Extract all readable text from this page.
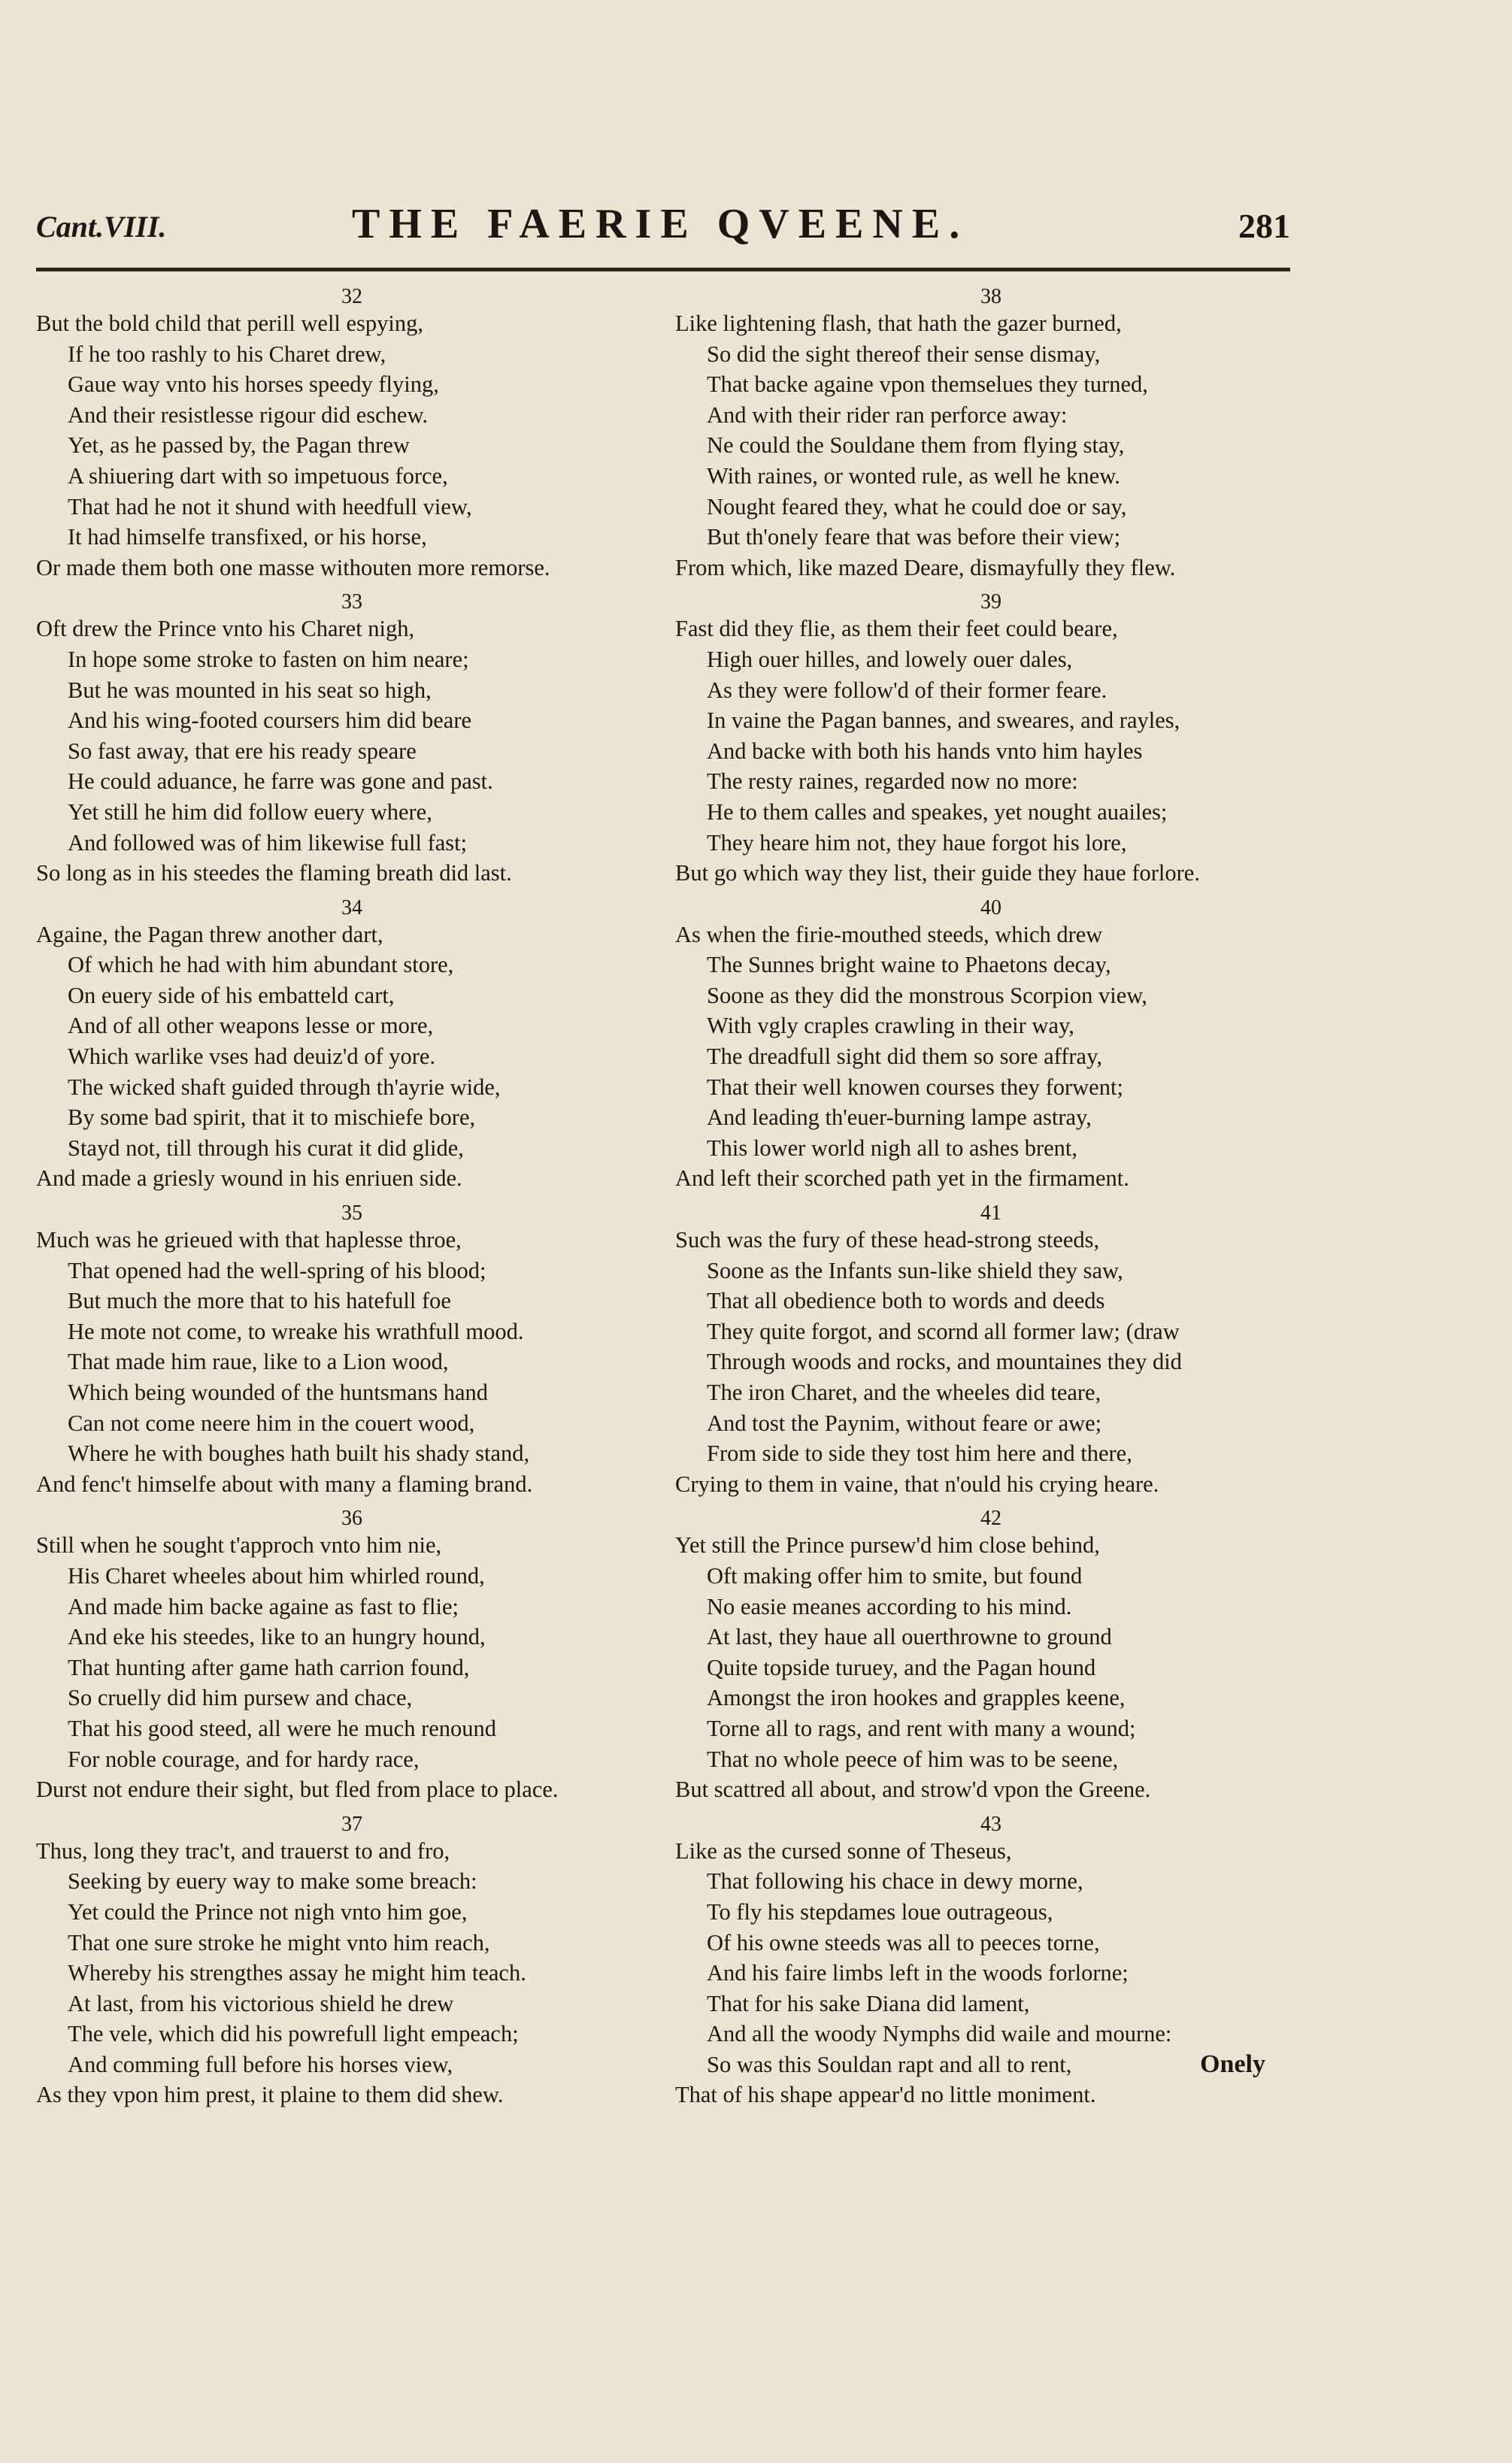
Cant.VIII.	THE FAERIE QVEENE.	281
32
But the bold child that perill well espying,
If he too rashly to his Charet drew,
Gaue way vnto his horses speedy flying,
And their resistlesse rigour did eschew.
Yet, as he passed by, the Pagan threw
A shiuering dart with so impetuous force,
That had he not it shund with heedfull view,
It had himselfe transfixed, or his horse,
Or made them both one masse withouten more remorse.
33
Oft drew the Prince vnto his Charet nigh,
In hope some stroke to fasten on him neare;
But he was mounted in his seat so high,
And his wing-footed coursers him did beare
So fast away, that ere his ready speare
He could aduance, he farre was gone and past.
Yet still he him did follow euery where,
And followed was of him likewise full fast;
So long as in his steedes the flaming breath did last.
34
Againe, the Pagan threw another dart,
Of which he had with him abundant store,
On euery side of his embatteld cart,
And of all other weapons lesse or more,
Which warlike vses had deuiz'd of yore.
The wicked shaft guided through th'ayrie wide,
By some bad spirit, that it to mischiefe bore,
Stayd not, till through his curat it did glide,
And made a griesly wound in his enriuen side.
35
Much was he grieued with that haplesse throe,
That opened had the well-spring of his blood;
But much the more that to his hatefull foe
He mote not come, to wreake his wrathfull mood.
That made him raue, like to a Lion wood,
Which being wounded of the huntsmans hand
Can not come neere him in the couert wood,
Where he with boughes hath built his shady stand,
And fenc't himselfe about with many a flaming brand.
36
Still when he sought t'approch vnto him nie,
His Charet wheeles about him whirled round,
And made him backe againe as fast to flie;
And eke his steedes, like to an hungry hound,
That hunting after game hath carrion found,
So cruelly did him pursew and chace,
That his good steed, all were he much renound
For noble courage, and for hardy race,
Durst not endure their sight, but fled from place to place.
37
Thus, long they trac't, and trauerst to and fro,
Seeking by euery way to make some breach:
Yet could the Prince not nigh vnto him goe,
That one sure stroke he might vnto him reach,
Whereby his strengthes assay he might him teach.
At last, from his victorious shield he drew
The vele, which did his powrefull light empeach;
And comming full before his horses view,
As they vpon him prest, it plaine to them did shew.
38
Like lightening flash, that hath the gazer burned,
So did the sight thereof their sense dismay,
That backe againe vpon themselues they turned,
And with their rider ran perforce away:
Ne could the Souldane them from flying stay,
With raines, or wonted rule, as well he knew.
Nought feared they, what he could doe or say,
But th'onely feare that was before their view;
From which, like mazed Deare, dismayfully they flew.
39
Fast did they flie, as them their feet could beare,
High ouer hilles, and lowely ouer dales,
As they were follow'd of their former feare.
In vaine the Pagan bannes, and sweares, and rayles,
And backe with both his hands vnto him hayles
The resty raines, regarded now no more:
He to them calles and speakes, yet nought auailes;
They heare him not, they haue forgot his lore,
But go which way they list, their guide they haue forlore.
40
As when the firie-mouthed steeds, which drew
The Sunnes bright waine to Phaetons decay,
Soone as they did the monstrous Scorpion view,
With vgly craples crawling in their way,
The dreadfull sight did them so sore affray,
That their well knowen courses they forwent;
And leading th'euer-burning lampe astray,
This lower world nigh all to ashes brent,
And left their scorched path yet in the firmament.
41
Such was the fury of these head-strong steeds,
Soone as the Infants sun-like shield they saw,
That all obedience both to words and deeds
They quite forgot, and scornd all former law; (draw
Through woods and rocks, and mountaines they did
The iron Charet, and the wheeles did teare,
And tost the Paynim, without feare or awe;
From side to side they tost him here and there,
Crying to them in vaine, that n'ould his crying heare.
42
Yet still the Prince pursew'd him close behind,
Oft making offer him to smite, but found
No easie meanes according to his mind.
At last, they haue all ouerthrowne to ground
Quite topside turuey, and the Pagan hound
Amongst the iron hookes and grapples keene,
Torne all to rags, and rent with many a wound;
That no whole peece of him was to be seene,
But scattred all about, and strow'd vpon the Greene.
43
Like as the cursed sonne of Theseus,
That following his chace in dewy morne,
To fly his stepdames loue outrageous,
Of his owne steeds was all to peeces torne,
And his faire limbs left in the woods forlorne;
That for his sake Diana did lament,
And all the woody Nymphs did waile and mourne:
So was this Souldan rapt and all to rent,
That of his shape appear'd no little moniment.
Onely
